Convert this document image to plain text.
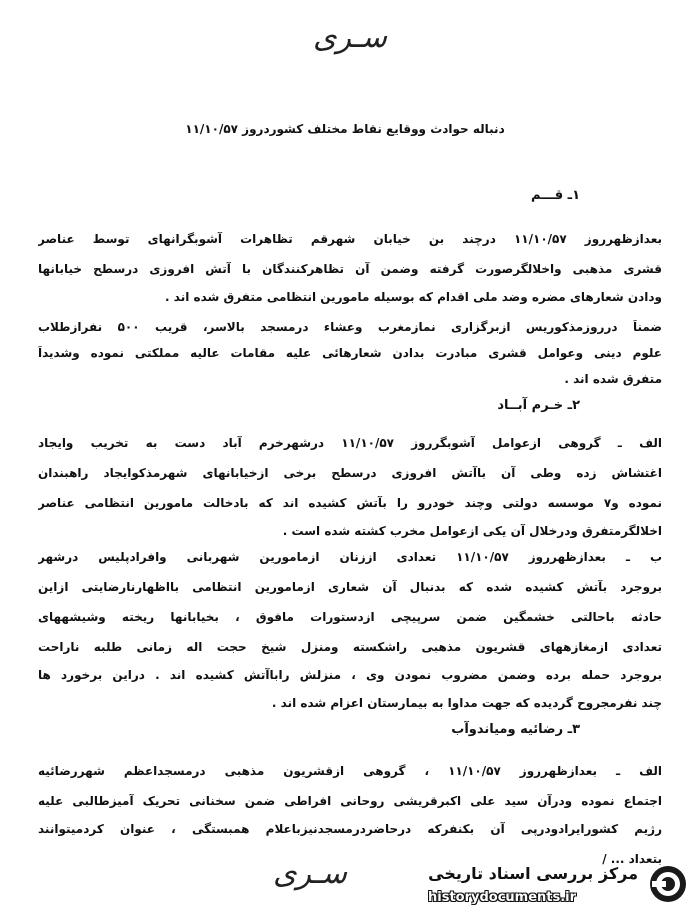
سـرى
دنباله حوادث ووقایع نقاط مختلف کشوردروز ۱۱/۱۰/۵۷
۱ـ قـــم
بعدازظهرروز ۱۱/۱۰/۵۷ درچند بن خیابان شهرقم تظاهرات آشوبگرانهای توسط عناصر
قشری مذهبی واخلالگرصورت گرفته وضمن آن تظاهرکنندگان با آتش افروزی درسطح خیابانها
ودادن شعارهای مضره وضد ملی اقدام که بوسیله مامورین انتظامی متفرق شده اند .
ضمناً درروزمذکوریس ازبرگزاری نمازمغرب وعشاء درمسجد بالاسر، قریب ۵۰۰ نفرازطلاب
علوم دینی وعوامل قشری مبادرت بدادن شعارهائی علیه مقامات عالیه مملکتی نموده وشدیداً
متفرق شده اند .
۲ـ خـرم آبــاد
الف ـ گروهی ازعوامل آشوبگرروز ۱۱/۱۰/۵۷ درشهرخرم آباد دست به تخریب وایجاد
اغتشاش زده وطی آن باآتش افروزی درسطح برخی ازخیابانهای شهرمذکوایجاد راهبندان
نموده و۷ موسسه دولتی وچند خودرو را بآتش کشیده اند که بادخالت مامورین انتظامی عناصر
اخلالگرمتفرق ودرخلال آن یکی ازعوامل مخرب کشته شده است .
ب ـ بعدازظهرروز ۱۱/۱۰/۵۷ تعدادی اززنان ازمامورین شهربانی وافرادپلیس درشهر
بروجرد بآتش کشیده شده که بدنبال آن شعاری ازمامورین انتظامی بااظهارنارضایتی ازاین
حادثه باحالتی خشمگین ضمن سرپیچی ازدستورات مافوق ، بخیابانها ریخته وشیشههای
تعدادی ازمغازههای قشریون مذهبی راشکسته ومنزل شیخ حجت اله زمانی طلبه ناراحت
بروجرد حمله برده وضمن مضروب نمودن وی ، منزلش راباآتش کشیده اند . دراین برخورد ها
چند نفرمجروح گردیده که جهت مداوا به بیمارستان اعزام شده اند .
۳ـ رضائیه ومیاندوآب
الف ـ بعدازظهرروز ۱۱/۱۰/۵۷ ، گروهی ازقشریون مذهبی درمسجداعظم شهررضائیه
اجتماع نموده ودرآن سید علی اکبرقریشی روحانی افراطی ضمن سخنانی تحریک آمیزطالبی علیه
رژیم کشورایرادودرپی آن بکنفرکه درحاضردرمسجدنیزباعلام همبستگی ، عنوان کردمیتوانند
بتعداد ... /
سـرى	مرکز بررسی اسناد تاریخی
historydocuments.ir
